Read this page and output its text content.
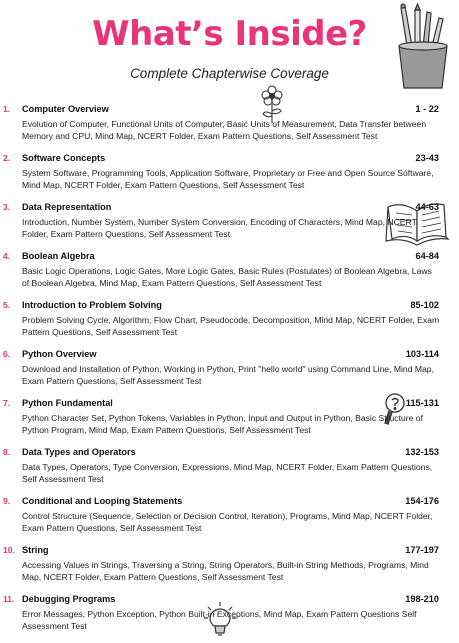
What’s Inside?
Complete Chapterwise Coverage
1. Computer Overview	1 - 22
Evolution of Computer, Functional Units of Computer, Basic Units of Measurement, Data Transfer between Memory and CPU, Mind Map, NCERT Folder, Exam Pattern Questions, Self Assessment Test
2. Software Concepts	23-43
System Software, Programming Tools, Application Software, Proprietary or Free and Open Source Software, Mind Map, NCERT Folder, Exam Pattern Questions, Self Assessment Test
3. Data Representation	44-63
Introduction, Number System, Number System Conversion, Encoding of Characters, Mind Map, NCERT Folder, Exam Pattern Questions, Self Assessment Test
4. Boolean Algebra	64-84
Basic Logic Operations, Logic Gates, More Logic Gates, Basic Rules (Postulates) of Boolean Algebra, Laws of Boolean Algebra, Mind Map, Exam Pattern Questions, Self Assessment Test
5. Introduction to Problem Solving	85-102
Problem Solving Cycle, Algorithm, Flow Chart, Pseudocode, Decomposition, Mind Map, NCERT Folder, Exam Pattern Questions, Self Assessment Test
6. Python Overview	103-114
Download and Installation of Python, Working in Python, Print "hello world" using Command Line, Mind Map, Exam Pattern Questions, Self Assessment Test
7. Python Fundamental	115-131
Python Character Set, Python Tokens, Variables in Python, Input and Output in Python, Basic Structure of Python Program, Mind Map, Exam Pattern Questions, Self Assessment Test
8. Data Types and Operators	132-153
Data Types, Operators, Type Conversion, Expressions, Mind Map, NCERT Folder, Exam Pattern Questions, Self Assessment Test
9. Conditional and Looping Statements	154-176
Control Structure (Sequence, Selection or Decision Control, Iteration), Programs, Mind Map, NCERT Folder, Exam Pattern Questions, Self Assessment Test
10. String	177-197
Accessing Values in Strings, Traversing a String, String Operators, Built-in String Methods, Programs, Mind Map, NCERT Folder, Exam Pattern Questions, Self Assessment Test
11. Debugging Programs	198-210
Error Messages, Python Exception, Python Built-in Exceptions, Mind Map, Exam Pattern Questions Self Assessment Test
